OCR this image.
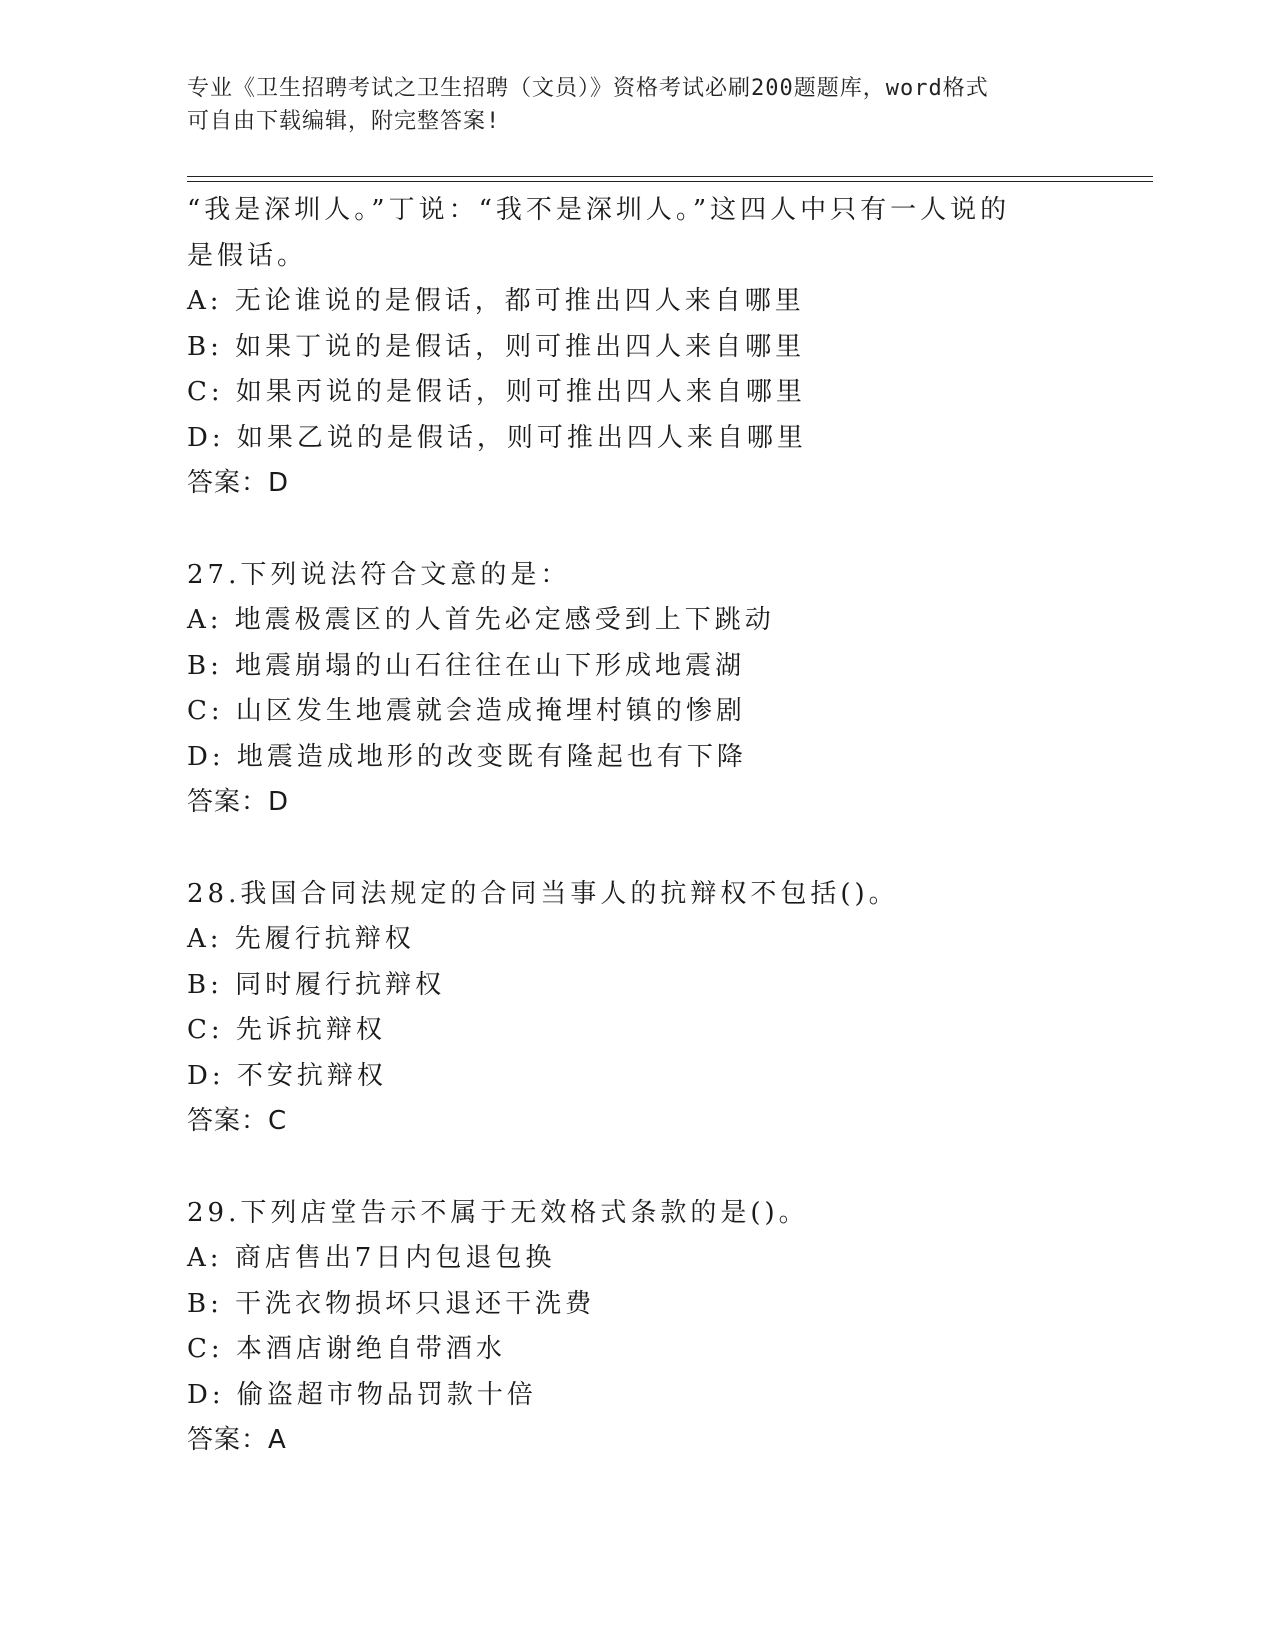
专业《卫生招聘考试之卫生招聘（文员）》资格考试必刷200题题库，word格式

可自由下载编辑，附完整答案!

“我是深圳人。”丁说：“我不是深圳人。”这四人中只有一人说的
是假话。
A: 无论谁说的是假话，都可推出四人来自哪里
B: 如果丁说的是假话，则可推出四人来自哪里
C: 如果丙说的是假话，则可推出四人来自哪里
D: 如果乙说的是假话，则可推出四人来自哪里
答案：D
27.下列说法符合文意的是：
A: 地震极震区的人首先必定感受到上下跳动
B: 地震崩塌的山石往往在山下形成地震湖
C: 山区发生地震就会造成掩埋村镇的惨剧
D: 地震造成地形的改变既有隆起也有下降
答案：D
28.我国合同法规定的合同当事人的抗辩权不包括()。
A: 先履行抗辩权
B: 同时履行抗辩权
C: 先诉抗辩权
D: 不安抗辩权
答案：C
29.下列店堂告示不属于无效格式条款的是()。
A: 商店售出7日内包退包换
B: 干洗衣物损坏只退还干洗费
C: 本酒店谢绝自带酒水
D: 偷盗超市物品罚款十倍
答案：A
